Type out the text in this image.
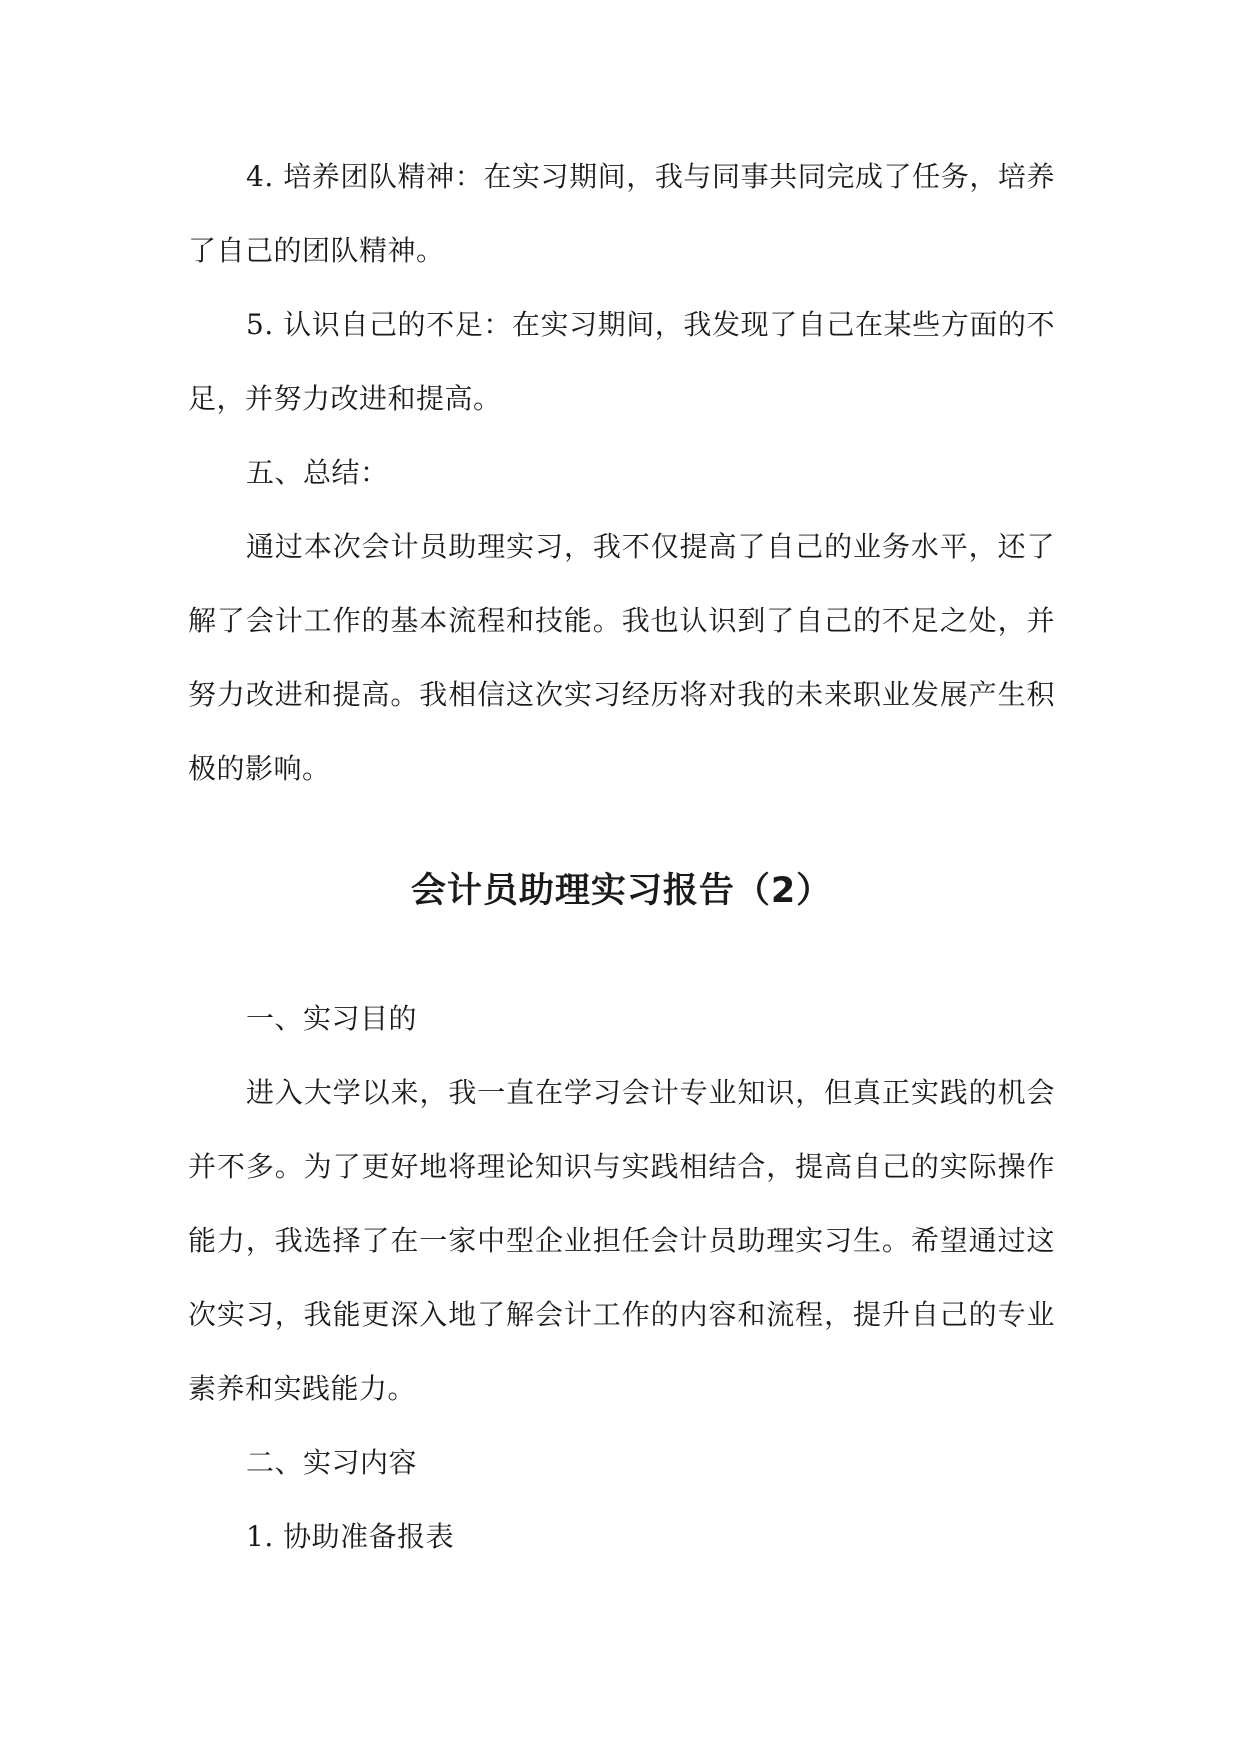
4. 培养团队精神：在实习期间，我与同事共同完成了任务，培养了自己的团队精神。

5. 认识自己的不足：在实习期间，我发现了自己在某些方面的不足，并努力改进和提高。

五、总结：

通过本次会计员助理实习，我不仅提高了自己的业务水平，还了解了会计工作的基本流程和技能。我也认识到了自己的不足之处，并努力改进和提高。我相信这次实习经历将对我的未来职业发展产生积极的影响。

会计员助理实习报告（2）

一、实习目的

进入大学以来，我一直在学习会计专业知识，但真正实践的机会并不多。为了更好地将理论知识与实践相结合，提高自己的实际操作能力，我选择了在一家中型企业担任会计员助理实习生。希望通过这次实习，我能更深入地了解会计工作的内容和流程，提升自己的专业素养和实践能力。

二、实习内容

1. 协助准备报表
